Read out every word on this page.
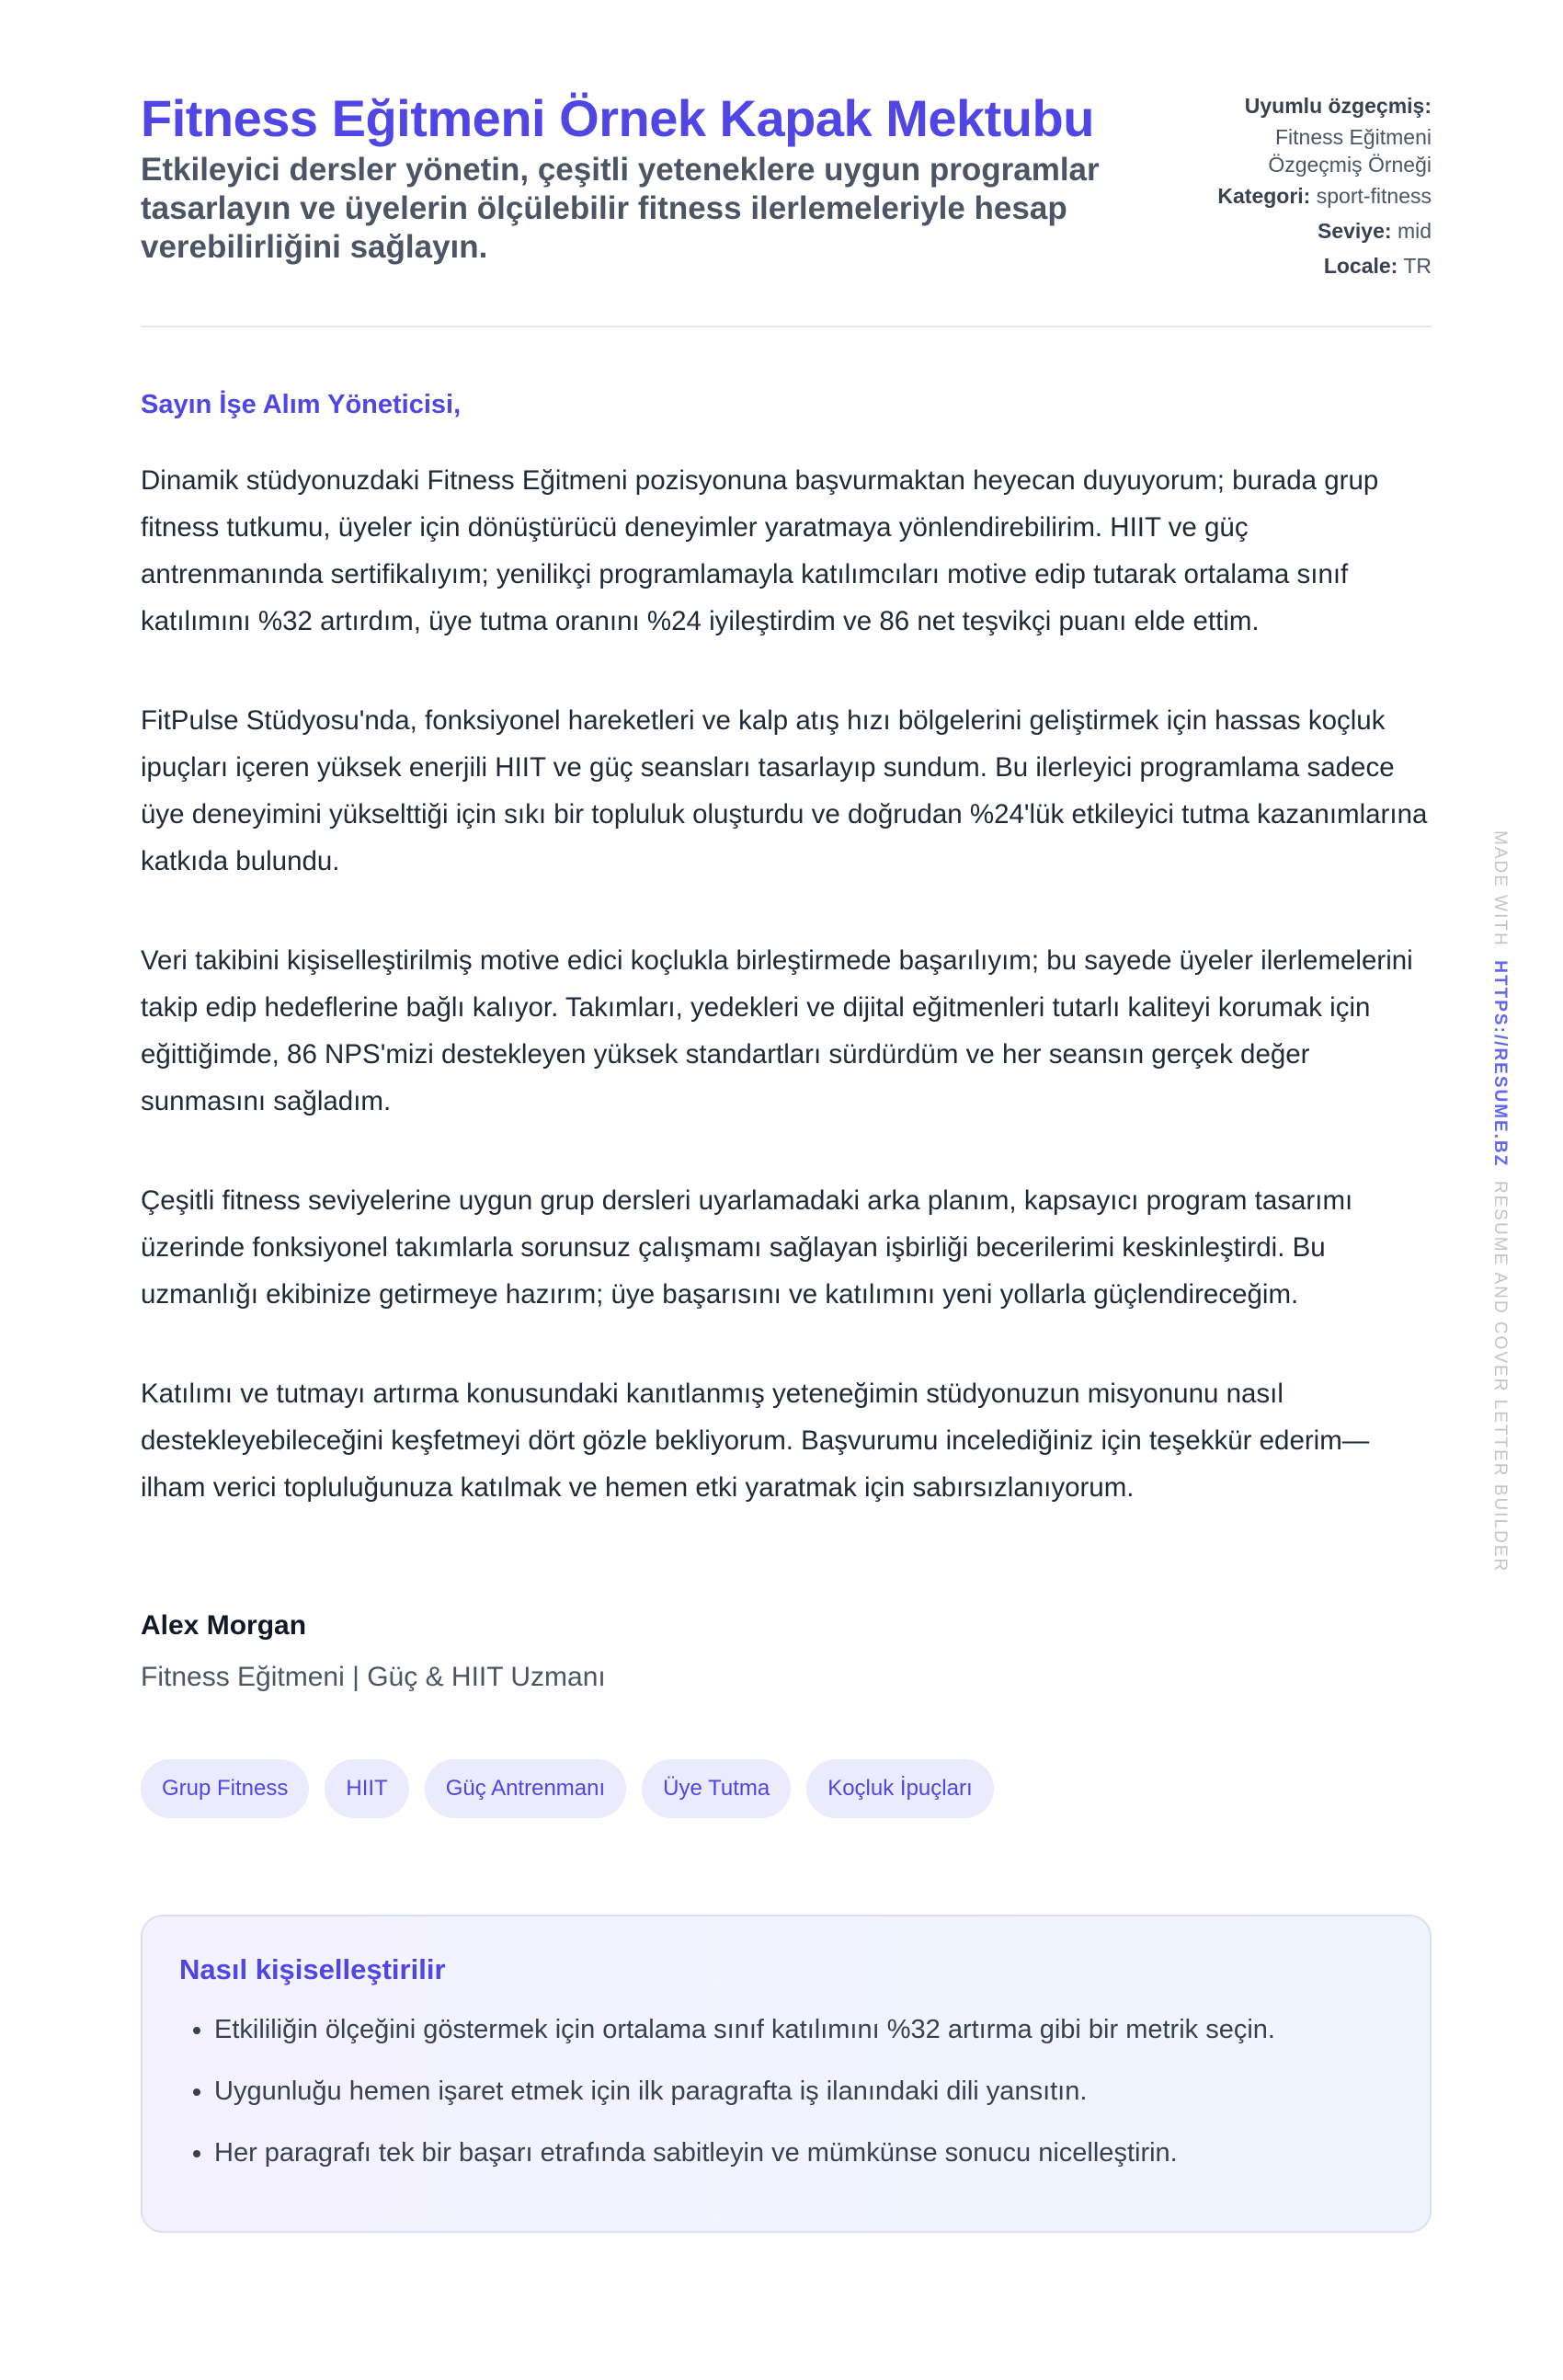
Fitness Eğitmeni Örnek Kapak Mektubu
Etkileyici dersler yönetin, çeşitli yeteneklere uygun programlar tasarlayın ve üyelerin ölçülebilir fitness ilerlemeleriyle hesap verebilirliğini sağlayın.
Uyumlu özgeçmiş:
Fitness Eğitmeni
Özgeçmiş Örneği
Kategori: sport-fitness
Seviye: mid
Locale: TR
Sayın İşe Alım Yöneticisi,

Dinamik stüdyonuzdaki Fitness Eğitmeni pozisyonuna başvurmaktan heyecan duyuyorum; burada grup fitness tutkumu, üyeler için dönüştürücü deneyimler yaratmaya yönlendirebilirim. HIIT ve güç antrenmanında sertifikalıyım; yenilikçi programlamayla katılımcıları motive edip tutarak ortalama sınıf katılımını %32 artırdım, üye tutma oranını %24 iyileştirdim ve 86 net teşvikçi puanı elde ettim.

FitPulse Stüdyosu'nda, fonksiyonel hareketleri ve kalp atış hızı bölgelerini geliştirmek için hassas koçluk ipuçları içeren yüksek enerjili HIIT ve güç seansları tasarlayıp sundum. Bu ilerleyici programlama sadece üye deneyimini yükselttiği için sıkı bir topluluk oluşturdu ve doğrudan %24'lük etkileyici tutma kazanımlarına katkıda bulundu.

Veri takibini kişiselleştirilmiş motive edici koçlukla birleştirmede başarılıyım; bu sayede üyeler ilerlemelerini takip edip hedeflerine bağlı kalıyor. Takımları, yedekleri ve dijital eğitmenleri tutarlı kaliteyi korumak için eğittiğimde, 86 NPS'mizi destekleyen yüksek standartları sürdürdüm ve her seansın gerçek değer sunmasını sağladım.

Çeşitli fitness seviyelerine uygun grup dersleri uyarlamadaki arka planım, kapsayıcı program tasarımı üzerinde fonksiyonel takımlarla sorunsuz çalışmamı sağlayan işbirliği becerilerimi keskinleştirdi. Bu uzmanlığı ekibinize getirmeye hazırım; üye başarısını ve katılımını yeni yollarla güçlendireceğim.

Katılımı ve tutmayı artırma konusundaki kanıtlanmış yeteneğimin stüdyonuzun misyonunu nasıl destekleyebileceğini keşfetmeyi dört gözle bekliyorum. Başvurumu incelediğiniz için teşekkür ederim—ilham verici topluluğunuza katılmak ve hemen etki yaratmak için sabırsızlanıyorum.

Alex Morgan
Fitness Eğitmeni | Güç & HIIT Uzmanı
Grup Fitness	HIIT	Güç Antrenmanı	Üye Tutma	Koçluk İpuçları
Nasıl kişiselleştirilir
• Etkililiğin ölçeğini göstermek için ortalama sınıf katılımını %32 artırma gibi bir metrik seçin.
• Uygunluğu hemen işaret etmek için ilk paragrafta iş ilanındaki dili yansıtın.
• Her paragrafı tek bir başarı etrafında sabitleyin ve mümkünse sonucu nicelleştirin.
MADE WITH  HTTPS://RESUME.BZ  RESUME AND COVER LETTER BUILDER
